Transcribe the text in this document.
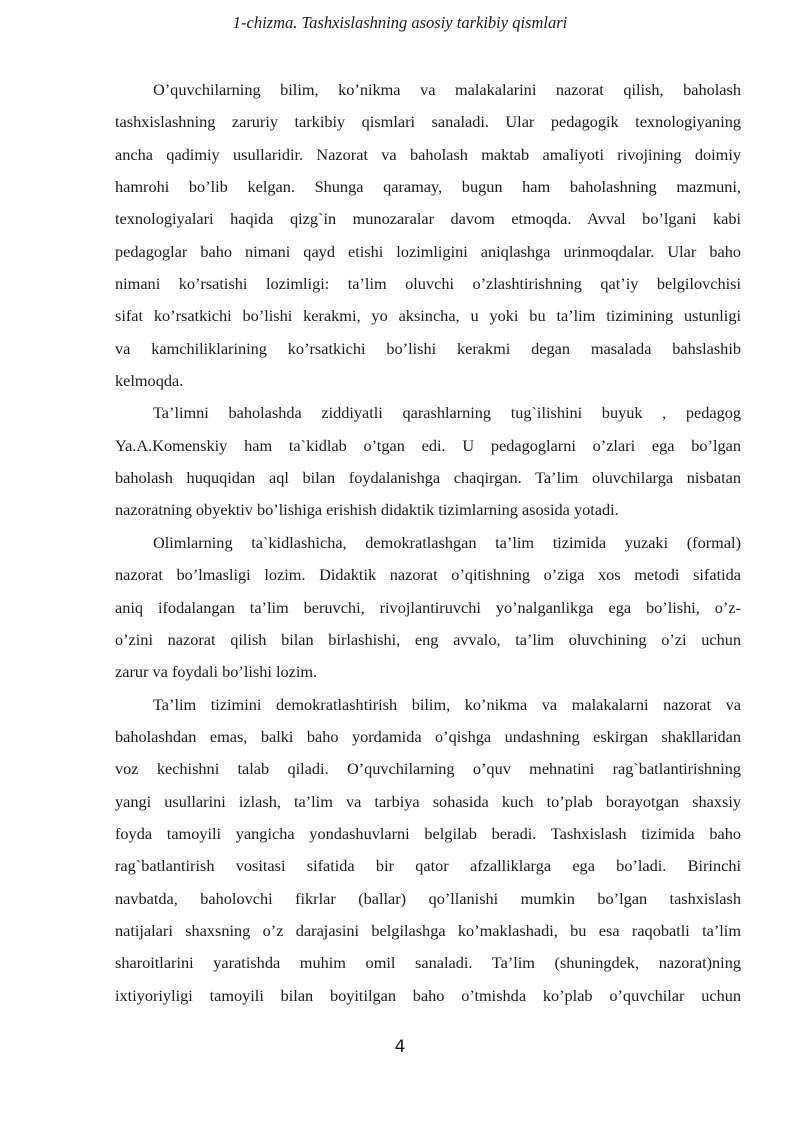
1-chizma. Tashxislashning asosiy tarkibiy qismlari
O’quvchilarning bilim, ko’nikma va malakalarini nazorat qilish, baholash
tashxislashning zaruriy tarkibiy qismlari sanaladi. Ular pedagogik texnologiyaning
ancha qadimiy usullaridir. Nazorat va baholash maktab amaliyoti rivojining doimiy
hamrohi bo’lib kelgan. Shunga qaramay, bugun ham baholashning mazmuni,
texnologiyalari haqida qizg`in munozaralar davom etmoqda. Avval bo’lgani kabi
pedagoglar baho nimani qayd etishi lozimligini aniqlashga urinmoqdalar. Ular baho
nimani ko’rsatishi lozimligi: ta’lim oluvchi o’zlashtirishning qat’iy belgilovchisi
sifat ko’rsatkichi bo’lishi kerakmi, yo aksincha, u yoki bu ta’lim tizimining ustunligi
va kamchiliklarining ko’rsatkichi bo’lishi kerakmi degan masalada bahslashib
kelmoqda.
Ta’limni baholashda ziddiyatli qarashlarning tug`ilishini buyuk , pedagog
Ya.A.Komenskiy ham ta`kidlab o’tgan edi. U pedagoglarni o’zlari ega bo’lgan
baholash huquqidan aql bilan foydalanishga chaqirgan. Ta’lim oluvchilarga nisbatan
nazoratning obyektiv bo’lishiga erishish didaktik tizimlarning asosida yotadi.
Olimlarning ta`kidlashicha, demokratlashgan ta’lim tizimida yuzaki (formal)
nazorat bo’lmasligi lozim. Didaktik nazorat o’qitishning o’ziga xos metodi sifatida
aniq ifodalangan ta’lim beruvchi, rivojlantiruvchi yo’nalganlikga ega bo’lishi, o’z-
o’zini nazorat qilish bilan birlashishi, eng avvalo, ta’lim oluvchining o’zi uchun
zarur va foydali bo’lishi lozim.
Ta’lim tizimini demokratlashtirish bilim, ko’nikma va malakalarni nazorat va
baholashdan emas, balki baho yordamida o’qishga undashning eskirgan shakllaridan
voz kechishni talab qiladi. O’quvchilarning o’quv mehnatini rag`batlantirishning
yangi usullarini izlash, ta’lim va tarbiya sohasida kuch to’plab borayotgan shaxsiy
foyda tamoyili yangicha yondashuvlarni belgilab beradi. Tashxislash tizimida baho
rag`batlantirish vositasi sifatida bir qator afzalliklarga ega bo’ladi. Birinchi
navbatda, baholovchi fikrlar (ballar) qo’llanishi mumkin bo’lgan tashxislash
natijalari shaxsning o’z darajasini belgilashga ko’maklashadi, bu esa raqobatli ta’lim
sharoitlarini yaratishda muhim omil sanaladi. Ta’lim (shuningdek, nazorat)ning
ixtiyoriyligi tamoyili bilan boyitilgan baho o’tmishda ko’plab o’quvchilar uchun
4
